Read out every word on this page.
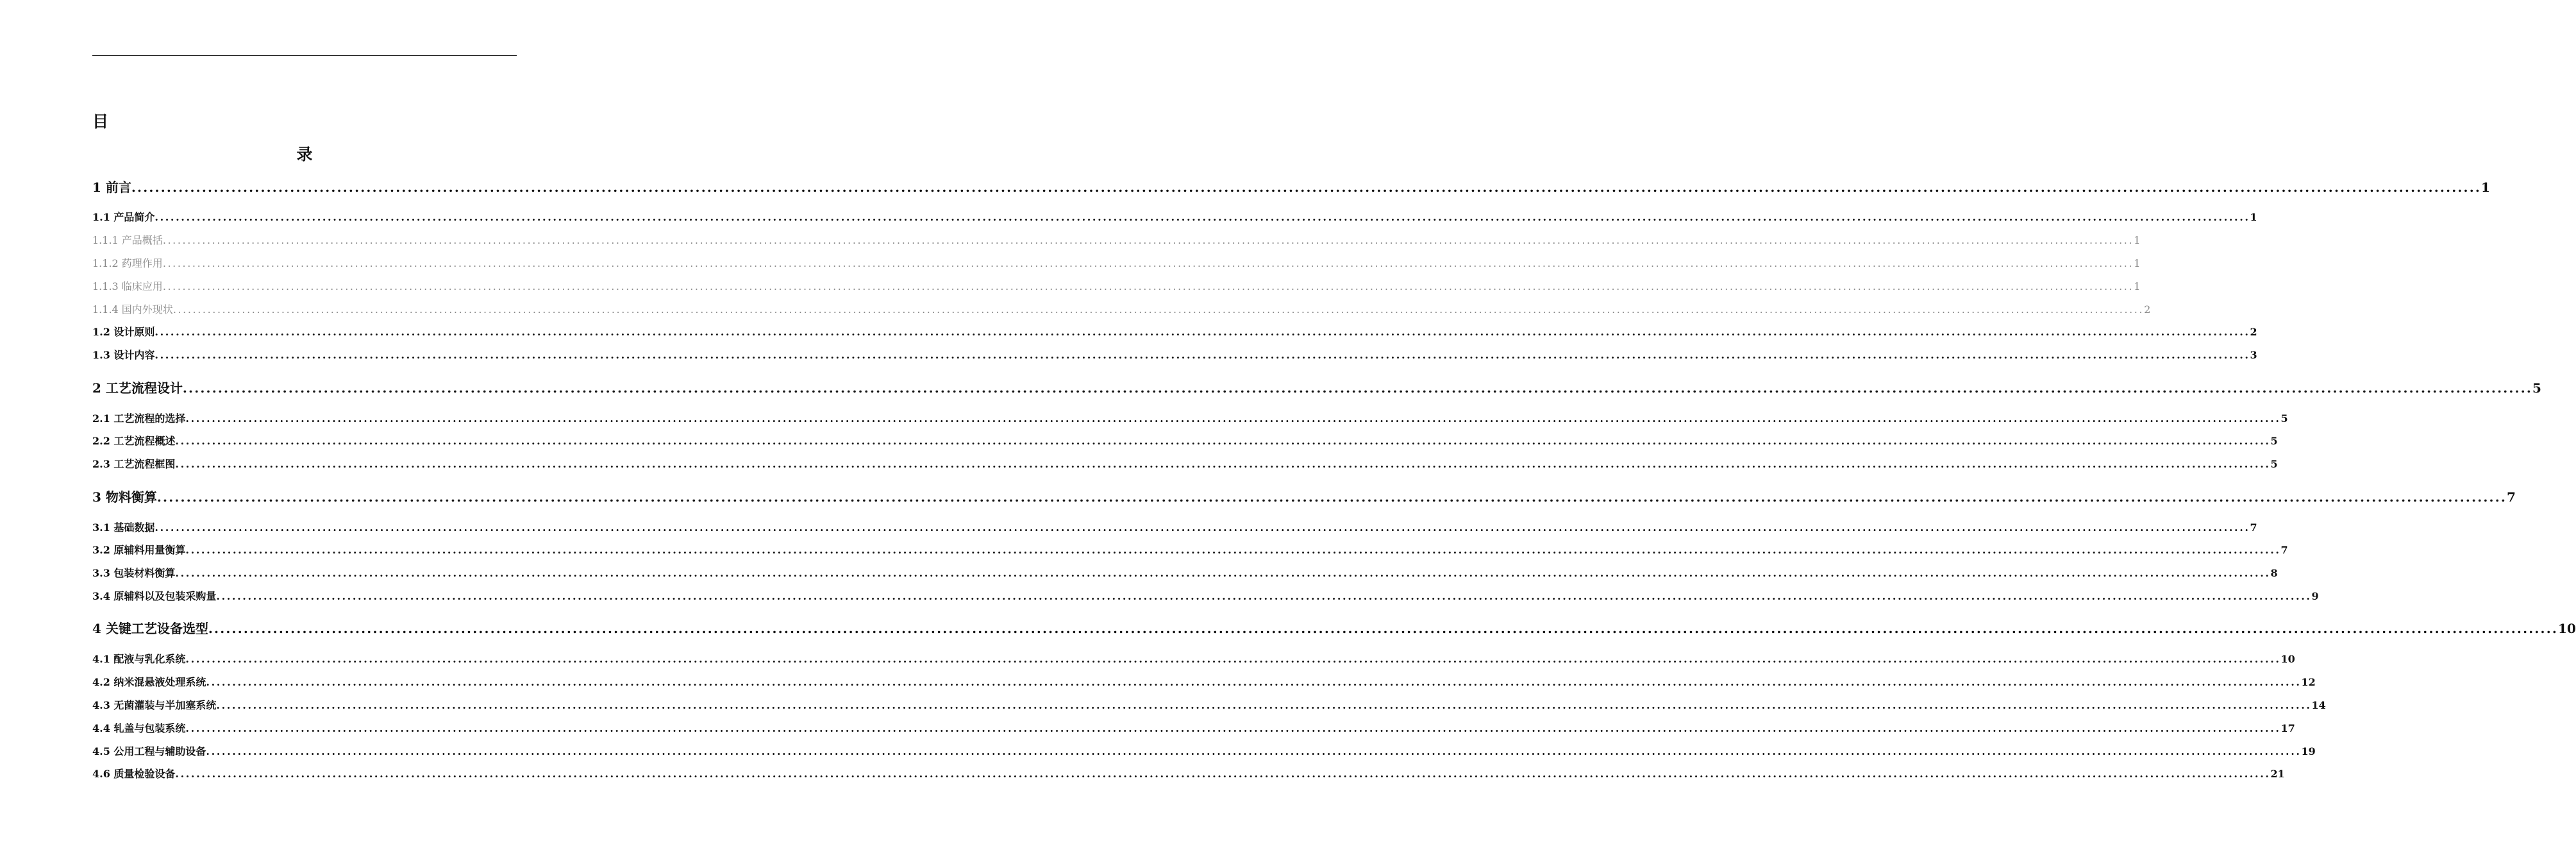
目
录
1 前言 ................................................................................................................................................................................................................................................................................................................................................................................................................ 1
1.1 产品简介 ................................................................................................................................................................................................................................................................................................................................................................................................................ 1
1.1.1 产品概括 ................................................................................................................................................................................................................................................................................................................................................................................................................ 1
1.1.2 药理作用 ................................................................................................................................................................................................................................................................................................................................................................................................................ 1
1.1.3 临床应用 ................................................................................................................................................................................................................................................................................................................................................................................................................ 1
1.1.4 国内外现状 ................................................................................................................................................................................................................................................................................................................................................................................................................ 2
1.2 设计原则 ................................................................................................................................................................................................................................................................................................................................................................................................................ 2
1.3 设计内容 ................................................................................................................................................................................................................................................................................................................................................................................................................ 3
2 工艺流程设计 ................................................................................................................................................................................................................................................................................................................................................................................................................ 5
2.1 工艺流程的选择 ................................................................................................................................................................................................................................................................................................................................................................................................................ 5
2.2 工艺流程概述 ................................................................................................................................................................................................................................................................................................................................................................................................................ 5
2.3 工艺流程框图 ................................................................................................................................................................................................................................................................................................................................................................................................................ 5
3 物料衡算 ................................................................................................................................................................................................................................................................................................................................................................................................................ 7
3.1 基础数据 ................................................................................................................................................................................................................................................................................................................................................................................................................ 7
3.2 原辅料用量衡算 ................................................................................................................................................................................................................................................................................................................................................................................................................ 7
3.3 包装材料衡算 ................................................................................................................................................................................................................................................................................................................................................................................................................ 8
3.4 原辅料以及包装采购量 ................................................................................................................................................................................................................................................................................................................................................................................................................ 9
4 关键工艺设备选型 ................................................................................................................................................................................................................................................................................................................................................................................................................ 10
4.1 配液与乳化系统 ................................................................................................................................................................................................................................................................................................................................................................................................................ 10
4.2 纳米混悬液处理系统 ................................................................................................................................................................................................................................................................................................................................................................................................................ 12
4.3 无菌灌装与半加塞系统 ................................................................................................................................................................................................................................................................................................................................................................................................................ 14
4.4 轧盖与包装系统 ................................................................................................................................................................................................................................................................................................................................................................................................................ 17
4.5 公用工程与辅助设备 ................................................................................................................................................................................................................................................................................................................................................................................................................ 19
4.6 质量检验设备 ................................................................................................................................................................................................................................................................................................................................................................................................................ 21
